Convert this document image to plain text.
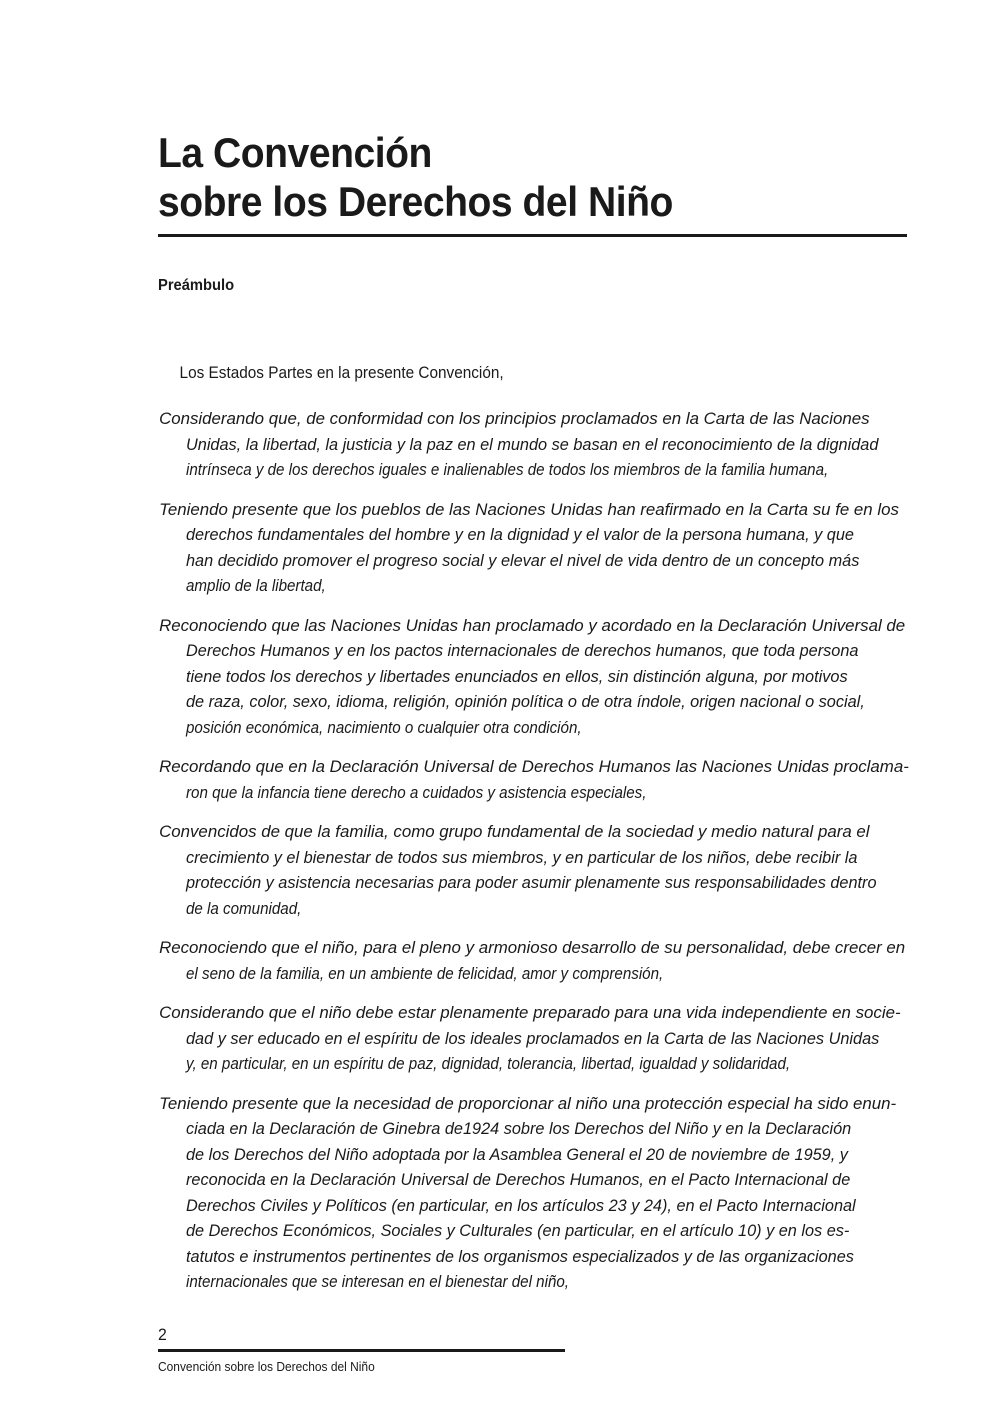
La Convención
sobre los Derechos del Niño
Preámbulo

Los Estados Partes en la presente Convención,

Considerando que, de conformidad con los principios proclamados en la Carta de las Naciones
Unidas, la libertad, la justicia y la paz en el mundo se basan en el reconocimiento de la dignidad
intrínseca y de los derechos iguales e inalienables de todos los miembros de la familia humana,

Teniendo presente que los pueblos de las Naciones Unidas han reafirmado en la Carta su fe en los
derechos fundamentales del hombre y en la dignidad y el valor de la persona humana, y que
han decidido promover el progreso social y elevar el nivel de vida dentro de un concepto más
amplio de la libertad,

Reconociendo que las Naciones Unidas han proclamado y acordado en la Declaración Universal de
Derechos Humanos y en los pactos internacionales de derechos humanos, que toda persona
tiene todos los derechos y libertades enunciados en ellos, sin distinción alguna, por motivos
de raza, color, sexo, idioma, religión, opinión política o de otra índole, origen nacional o social,
posición económica, nacimiento o cualquier otra condición,

Recordando que en la Declaración Universal de Derechos Humanos las Naciones Unidas proclama-
ron que la infancia tiene derecho a cuidados y asistencia especiales,

Convencidos de que la familia, como grupo fundamental de la sociedad y medio natural para el
crecimiento y el bienestar de todos sus miembros, y en particular de los niños, debe recibir la
protección y asistencia necesarias para poder asumir plenamente sus responsabilidades dentro
de la comunidad,

Reconociendo que el niño, para el pleno y armonioso desarrollo de su personalidad, debe crecer en
el seno de la familia, en un ambiente de felicidad, amor y comprensión,

Considerando que el niño debe estar plenamente preparado para una vida independiente en socie-
dad y ser educado en el espíritu de los ideales proclamados en la Carta de las Naciones Unidas
y, en particular, en un espíritu de paz, dignidad, tolerancia, libertad, igualdad y solidaridad,

Teniendo presente que la necesidad de proporcionar al niño una protección especial ha sido enun-
ciada en la Declaración de Ginebra de1924 sobre los Derechos del Niño y en la Declaración
de los Derechos del Niño adoptada por la Asamblea General el 20 de noviembre de 1959, y
reconocida en la Declaración Universal de Derechos Humanos, en el Pacto Internacional de
Derechos Civiles y Políticos (en particular, en los artículos 23 y 24), en el Pacto Internacional
de Derechos Económicos, Sociales y Culturales (en particular, en el artículo 10) y en los es-
tatutos e instrumentos pertinentes de los organismos especializados y de las organizaciones
internacionales que se interesan en el bienestar del niño,

2
Convención sobre los Derechos del Niño
